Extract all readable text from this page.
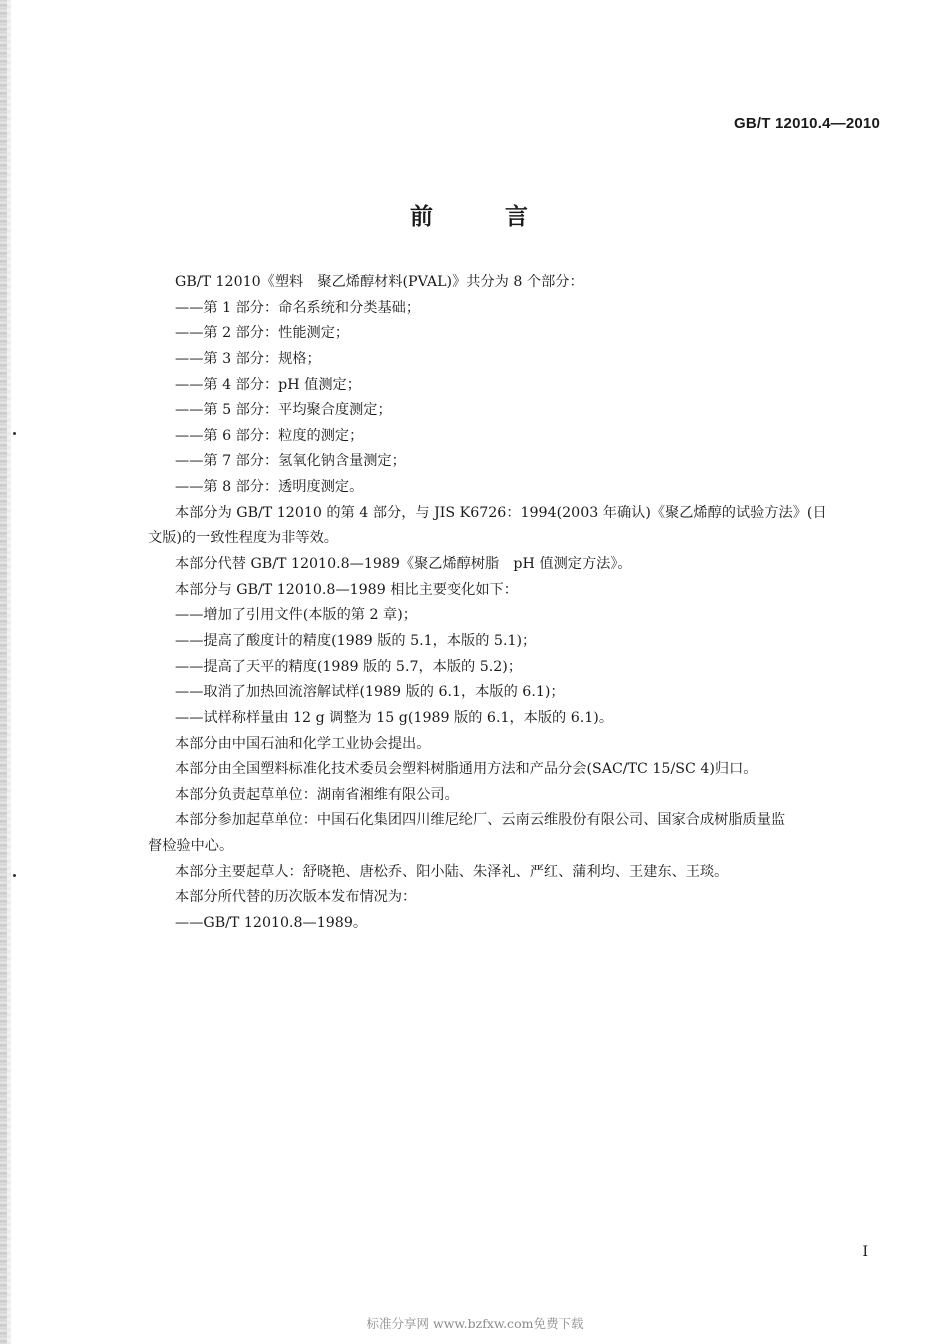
GB/T 12010.4—2010
前 言
GB/T 12010《塑料　聚乙烯醇材料(PVAL)》共分为 8 个部分：
——第 1 部分：命名系统和分类基础；
——第 2 部分：性能测定；
——第 3 部分：规格；
——第 4 部分：pH 值测定；
——第 5 部分：平均聚合度测定；
——第 6 部分：粒度的测定；
——第 7 部分：氢氧化钠含量测定；
——第 8 部分：透明度测定。
本部分为 GB/T 12010 的第 4 部分，与 JIS K6726：1994(2003 年确认)《聚乙烯醇的试验方法》(日
文版)的一致性程度为非等效。
本部分代替 GB/T 12010.8—1989《聚乙烯醇树脂　pH 值测定方法》。
本部分与 GB/T 12010.8—1989 相比主要变化如下：
——增加了引用文件(本版的第 2 章)；
——提高了酸度计的精度(1989 版的 5.1，本版的 5.1)；
——提高了天平的精度(1989 版的 5.7，本版的 5.2)；
——取消了加热回流溶解试样(1989 版的 6.1，本版的 6.1)；
——试样称样量由 12 g 调整为 15 g(1989 版的 6.1，本版的 6.1)。
本部分由中国石油和化学工业协会提出。
本部分由全国塑料标准化技术委员会塑料树脂通用方法和产品分会(SAC/TC 15/SC 4)归口。
本部分负责起草单位：湖南省湘维有限公司。
本部分参加起草单位：中国石化集团四川维尼纶厂、云南云维股份有限公司、国家合成树脂质量监
督检验中心。
本部分主要起草人：舒晓艳、唐松乔、阳小陆、朱泽礼、严红、蒲利均、王建东、王琰。
本部分所代替的历次版本发布情况为：
——GB/T 12010.8—1989。
I
标准分享网 www.bzfxw.com免费下载
